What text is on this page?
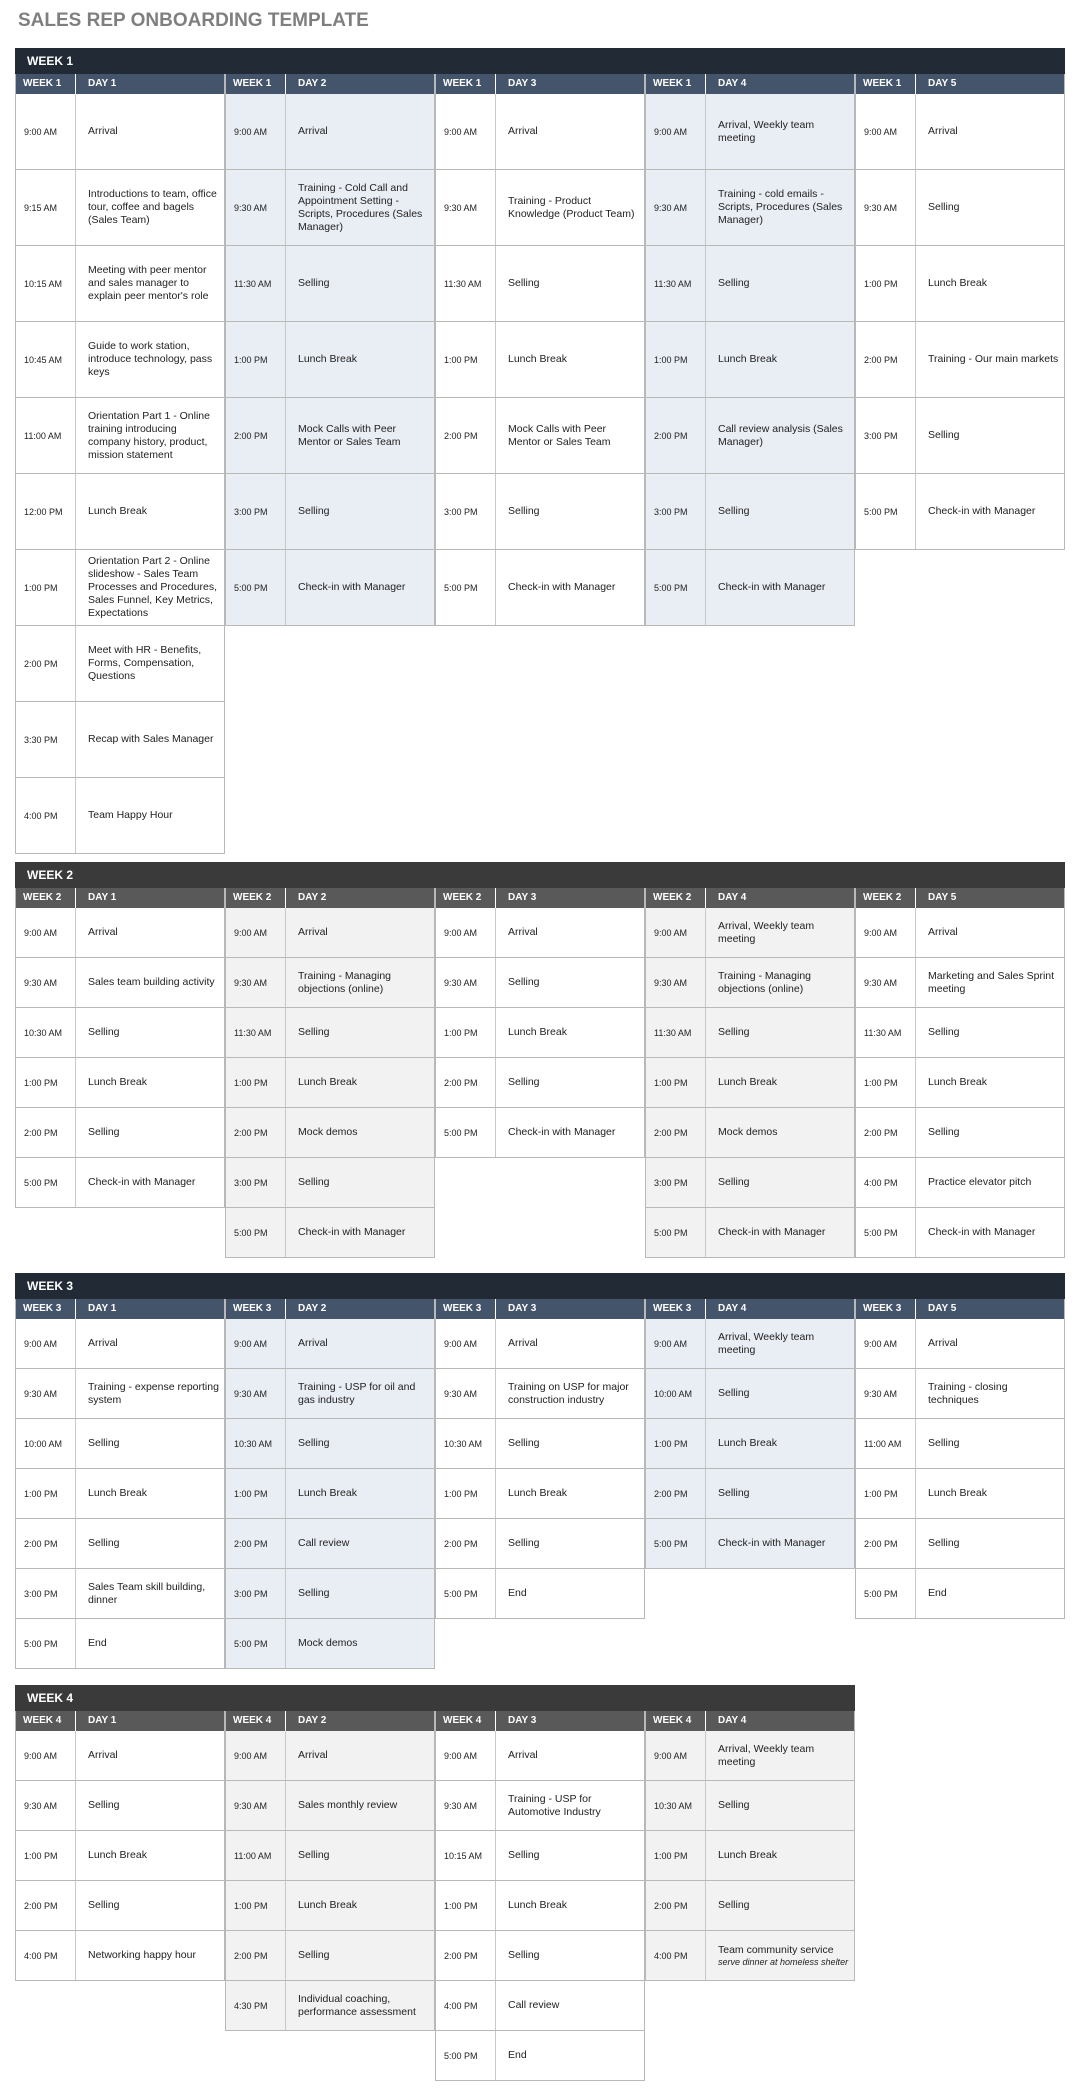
SALES REP ONBOARDING TEMPLATE
WEEK 1
WEEK 1	DAY 1
9:00 AM	Arrival
9:15 AM
Introductions to team, office tour, coffee and bagels (Sales Team)
10:15 AM
Meeting with peer mentor and sales manager to explain peer mentor's role
10:45 AM
Guide to work station, introduce technology, pass keys
11:00 AM
Orientation Part 1 - Online training introducing company history, product, mission statement
12:00 PM	Lunch Break
1:00 PM
Orientation Part 2 - Online slideshow - Sales Team Processes and Procedures, Sales Funnel, Key Metrics, Expectations
2:00 PM
Meet with HR - Benefits, Forms, Compensation, Questions
3:30 PM	Recap with Sales Manager
4:00 PM	Team Happy Hour
WEEK 1	DAY 2
9:00 AM	Arrival
9:30 AM
Training - Cold Call and Appointment Setting - Scripts, Procedures (Sales Manager)
11:30 AM	Selling
1:00 PM	Lunch Break
2:00 PM
Mock Calls with Peer Mentor or Sales Team
3:00 PM	Selling
5:00 PM	Check-in with Manager
WEEK 1	DAY 3
9:00 AM	Arrival
9:30 AM
Training - Product Knowledge (Product Team)
11:30 AM	Selling
1:00 PM	Lunch Break
2:00 PM
Mock Calls with Peer Mentor or Sales Team
3:00 PM	Selling
5:00 PM	Check-in with Manager
WEEK 1	DAY 4
9:00 AM
Arrival, Weekly team meeting
9:30 AM
Training - cold emails - Scripts, Procedures (Sales Manager)
11:30 AM	Selling
1:00 PM	Lunch Break
2:00 PM
Call review analysis (Sales Manager)
3:00 PM	Selling
5:00 PM	Check-in with Manager
WEEK 1	DAY 5
9:00 AM	Arrival
9:30 AM	Selling
1:00 PM	Lunch Break
2:00 PM	Training - Our main markets
3:00 PM	Selling
5:00 PM	Check-in with Manager
WEEK 2
WEEK 2	DAY 1
9:00 AM	Arrival
9:30 AM	Sales team building activity
10:30 AM	Selling
1:00 PM	Lunch Break
2:00 PM	Selling
5:00 PM	Check-in with Manager
WEEK 2	DAY 2
9:00 AM	Arrival
9:30 AM
Training - Managing objections (online)
11:30 AM	Selling
1:00 PM	Lunch Break
2:00 PM	Mock demos
3:00 PM	Selling
5:00 PM	Check-in with Manager
WEEK 2	DAY 3
9:00 AM	Arrival
9:30 AM	Selling
1:00 PM	Lunch Break
2:00 PM	Selling
5:00 PM	Check-in with Manager
WEEK 2	DAY 4
9:00 AM
Arrival, Weekly team meeting
9:30 AM
Training - Managing objections (online)
11:30 AM	Selling
1:00 PM	Lunch Break
2:00 PM	Mock demos
3:00 PM	Selling
5:00 PM	Check-in with Manager
WEEK 2	DAY 5
9:00 AM	Arrival
9:30 AM
Marketing and Sales Sprint meeting
11:30 AM	Selling
1:00 PM	Lunch Break
2:00 PM	Selling
4:00 PM	Practice elevator pitch
5:00 PM	Check-in with Manager
WEEK 3
WEEK 3	DAY 1
9:00 AM	Arrival
9:30 AM
Training - expense reporting system
10:00 AM	Selling
1:00 PM	Lunch Break
2:00 PM	Selling
3:00 PM
Sales Team skill building, dinner
5:00 PM	End
WEEK 3	DAY 2
9:00 AM	Arrival
9:30 AM
Training - USP for oil and gas industry
10:30 AM	Selling
1:00 PM	Lunch Break
2:00 PM	Call review
3:00 PM	Selling
5:00 PM	Mock demos
WEEK 3	DAY 3
9:00 AM	Arrival
9:30 AM
Training on USP for major construction industry
10:30 AM	Selling
1:00 PM	Lunch Break
2:00 PM	Selling
5:00 PM	End
WEEK 3	DAY 4
9:00 AM
Arrival, Weekly team meeting
10:00 AM	Selling
1:00 PM	Lunch Break
2:00 PM	Selling
5:00 PM	Check-in with Manager
WEEK 3	DAY 5
9:00 AM	Arrival
9:30 AM
Training - closing techniques
11:00 AM	Selling
1:00 PM	Lunch Break
2:00 PM	Selling
5:00 PM	End
WEEK 4
WEEK 4	DAY 1
9:00 AM	Arrival
9:30 AM	Selling
1:00 PM	Lunch Break
2:00 PM	Selling
4:00 PM	Networking happy hour
WEEK 4	DAY 2
9:00 AM	Arrival
9:30 AM	Sales monthly review
11:00 AM	Selling
1:00 PM	Lunch Break
2:00 PM	Selling
4:30 PM
Individual coaching, performance assessment
WEEK 4	DAY 3
9:00 AM	Arrival
9:30 AM
Training - USP for Automotive Industry
10:15 AM	Selling
1:00 PM	Lunch Break
2:00 PM	Selling
4:00 PM	Call review
5:00 PM	End
WEEK 4	DAY 4
9:00 AM
Arrival, Weekly team meeting
10:30 AM	Selling
1:00 PM	Lunch Break
2:00 PM	Selling
4:00 PM	Team community service
serve dinner at homeless shelter
